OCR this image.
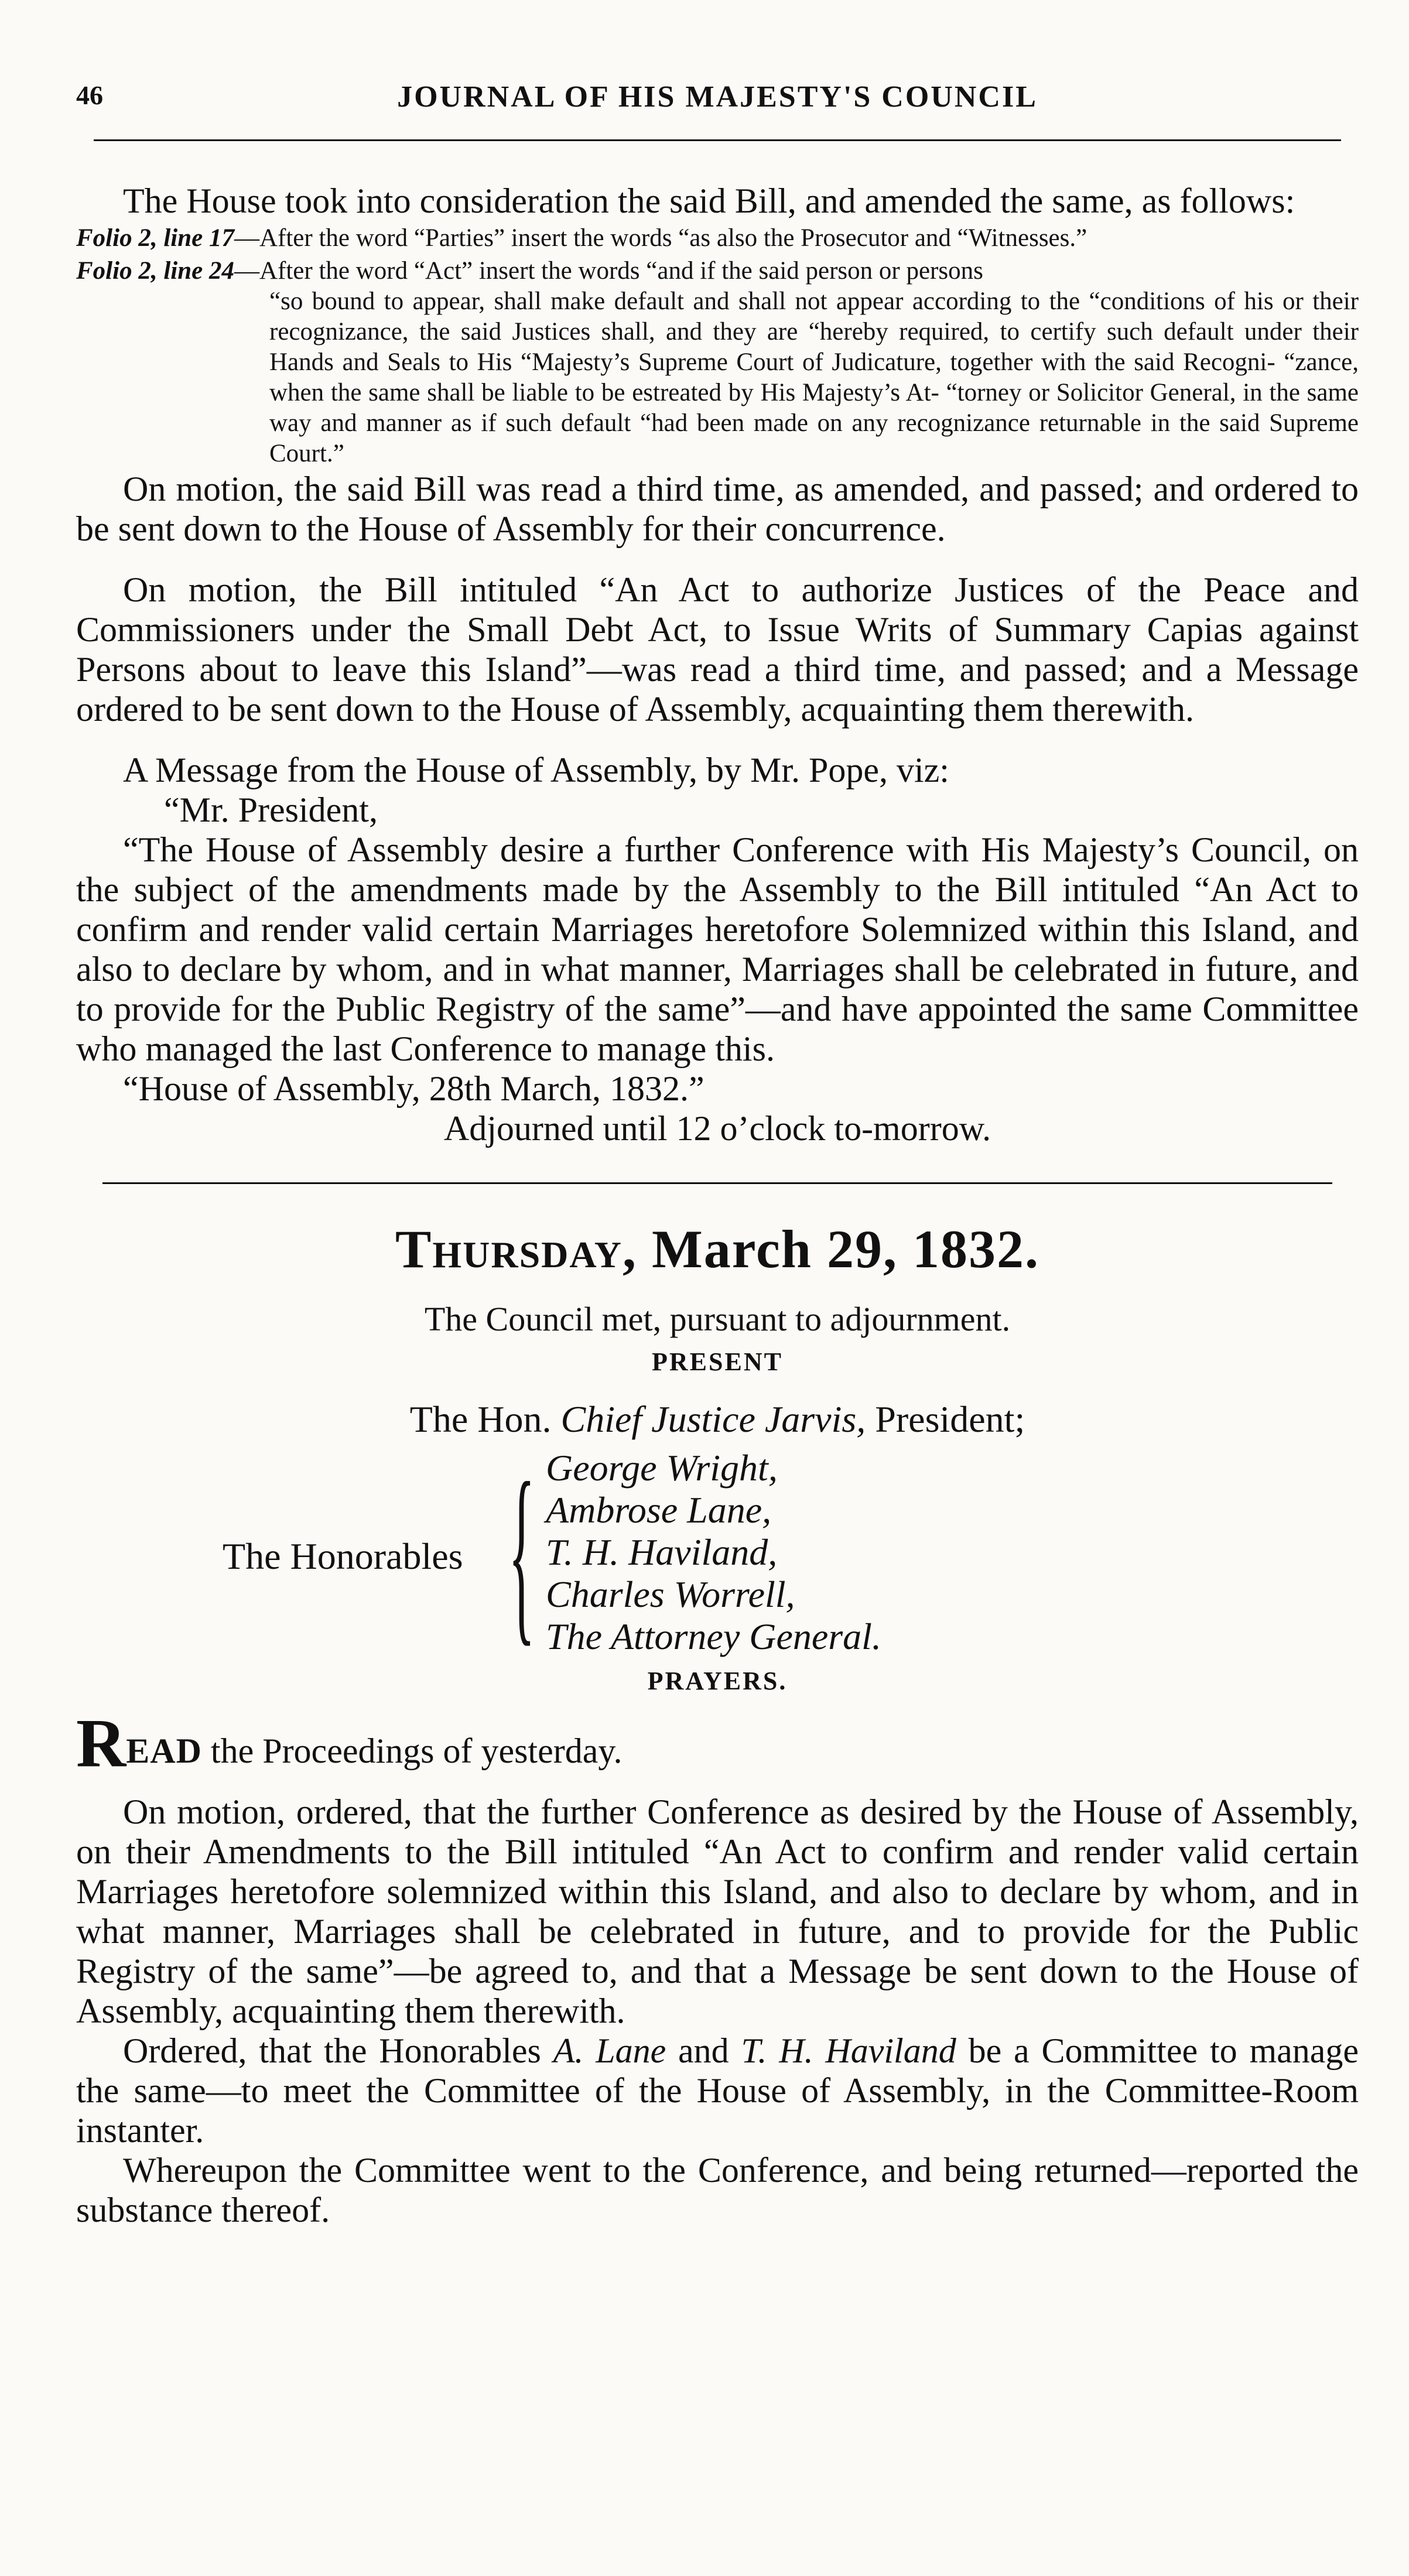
46	JOURNAL OF HIS MAJESTY'S COUNCIL

The House took into consideration the said Bill, and amended the same, as follows:

Folio 2, line 17—After the word “Parties” insert the words “as also the Prosecutor and “Witnesses.”
Folio 2, line 24—After the word “Act” insert the words “and if the said person or persons
“so bound to appear, shall make default and shall not appear according to the “conditions of his or their recognizance, the said Justices shall, and they are “hereby required, to certify such default under their Hands and Seals to His “Majesty’s Supreme Court of Judicature, together with the said Recogni- “zance, when the same shall be liable to be estreated by His Majesty’s At- “torney or Solicitor General, in the same way and manner as if such default “had been made on any recognizance returnable in the said Supreme Court.”

On motion, the said Bill was read a third time, as amended, and passed; and ordered to be sent down to the House of Assembly for their concurrence.

On motion, the Bill intituled “An Act to authorize Justices of the Peace and Commissioners under the Small Debt Act, to Issue Writs of Summary Capias against Persons about to leave this Island”—was read a third time, and passed; and a Message ordered to be sent down to the House of Assembly, acquainting them therewith.

A Message from the House of Assembly, by Mr. Pope, viz:

“Mr. President,

“The House of Assembly desire a further Conference with His Majesty’s Council, on the subject of the amendments made by the Assembly to the Bill intituled “An Act to confirm and render valid certain Marriages heretofore Solemnized within this Island, and also to declare by whom, and in what manner, Marriages shall be celebrated in future, and to provide for the Public Registry of the same”—and have appointed the same Committee who managed the last Conference to manage this.

“House of Assembly, 28th March, 1832.”

Adjourned until 12 o’clock to-morrow.

Thursday, March 29, 1832.
The Council met, pursuant to adjournment.
PRESENT
The Hon. Chief Justice Jarvis, President;
The Honorables { George Wright,
Ambrose Lane,
T. H. Haviland,
Charles Worrell,
The Attorney General.
PRAYERS.

READ the Proceedings of yesterday.

On motion, ordered, that the further Conference as desired by the House of Assembly, on their Amendments to the Bill intituled “An Act to confirm and render valid certain Marriages heretofore solemnized within this Island, and also to declare by whom, and in what manner, Marriages shall be celebrated in future, and to provide for the Public Registry of the same”—be agreed to, and that a Message be sent down to the House of Assembly, acquainting them therewith.

Ordered, that the Honorables A. Lane and T. H. Haviland be a Committee to manage the same—to meet the Committee of the House of Assembly, in the Committee-Room instanter.

Whereupon the Committee went to the Conference, and being returned—reported the substance thereof.
